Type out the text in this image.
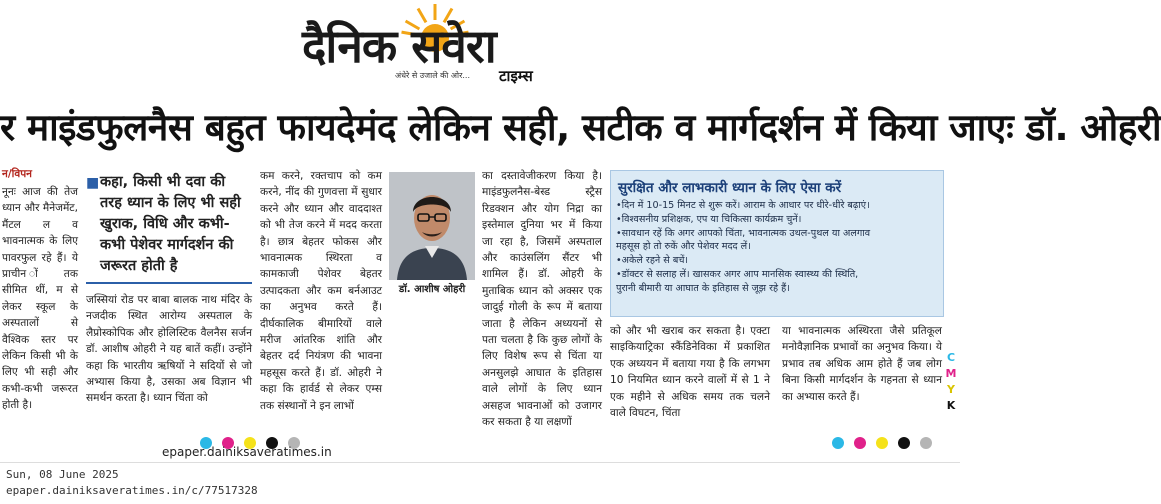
दैनिक सवेरा
अंधेरे से उजाले की ओर... टाइम्स
र माइंडफुलनैस बहुत फायदेमंद लेकिन सही, सटीक व मार्गदर्शन में किया जाएः डॉ. ओहरी
न/विपन
नूनः आज की तेज ध्यान और मैनेजमेंट, मैंटल ल व भावनात्मक के लिए पावरफुल रहे हैं। ये प्राचीन ों तक सीमित थीं, म से लेकर स्कूल के अस्पतालों से वैश्विक स्तर पर लेकिन किसी भी के लिए भी सही और कभी-कभी जरूरत होती है।
■ कहा, किसी भी दवा की तरह ध्यान के लिए भी सही खुराक, विधि और कभी-कभी पेशेवर मार्गदर्शन की जरूरत होती है
जस्सियां रोड पर बाबा बालक नाथ मंदिर के नजदीक स्थित आरोग्य अस्पताल के लैप्रोस्कोपिक और होलिस्टिक वैलनैस सर्जन डॉ. आशीष ओहरी ने यह बातें कहीं। उन्होंने कहा कि भारतीय ऋषियों ने सदियों से जो अभ्यास किया है, उसका अब विज्ञान भी समर्थन करता है। ध्यान चिंता को
कम करने, रक्तचाप को कम करने, नींद की गुणवत्ता में सुधार करने और ध्यान और वाददाश्त को भी तेज करने में मदद करता है। छात्र बेहतर फोकस और भावनात्मक स्थिरता व कामकाजी पेशेवर बेहतर उत्पादकता और कम बर्नआउट का अनुभव करते हैं। दीर्घकालिक बीमारियों वाले मरीज आंतरिक शांति और बेहतर दर्द नियंत्रण की भावना महसूस करते हैं। डॉ. ओहरी ने कहा कि हार्वर्ड से लेकर एम्स तक संस्थानों ने इन लाभों
डॉ. आशीष ओहरी
का दस्तावेजीकरण किया है। माइंडफुलनैस-बेस्ड स्ट्रैस रिडक्शन और योग निद्रा का इस्तेमाल दुनिया भर में किया जा रहा है, जिसमें अस्पताल और काउंसलिंग सैंटर भी शामिल हैं। डॉ. ओहरी के मुताबिक ध्यान को अक्सर एक जादुई गोली के रूप में बताया जाता है लेकिन अध्ययनों से पता चलता है कि कुछ लोगों के लिए विशेष रूप से चिंता या अनसुलझे आघात के इतिहास वाले लोगों के लिए ध्यान असहज भावनाओं को उजागर कर सकता है या लक्षणों
सुरक्षित और लाभकारी ध्यान के लिए ऐसा करें
•दिन में 10-15 मिनट से शुरू करें। आराम के आधार पर धीरे-धीरे बढ़ाएं।
•विश्वसनीय प्रशिक्षक, एप या चिकित्सा कार्यक्रम चुनें।
•सावधान रहें कि अगर आपको चिंता, भावनात्मक उथल-पुथल या अलगाव
महसूस हो तो रुकें और पेशेवर मदद लें।
•अकेले रहने से बचें।
•डॉक्टर से सलाह लें। खासकर अगर आप मानसिक स्वास्थ्य की स्थिति,
पुरानी बीमारी या आघात के इतिहास से जूझ रहे हैं।
को और भी खराब कर सकता है। एक्टा साइकियाट्रिका स्कैंडिनेविका में प्रकाशित एक अध्ययन में बताया गया है कि लगभग 10 नियमित ध्यान करने वालों में से 1 ने एक महीने से अधिक समय तक चलने वाले विघटन, चिंता
या भावनात्मक अस्थिरता जैसे प्रतिकूल मनोवैज्ञानिक प्रभावों का अनुभव किया। ये प्रभाव तब अधिक आम होते हैं जब लोग बिना किसी मार्गदर्शन के गहनता से ध्यान का अभ्यास करते हैं।
C
M
Y
K
epaper.dainiksaveratimes.in
Sun, 08 June 2025
epaper.dainiksaveratimes.in/c/77517328
